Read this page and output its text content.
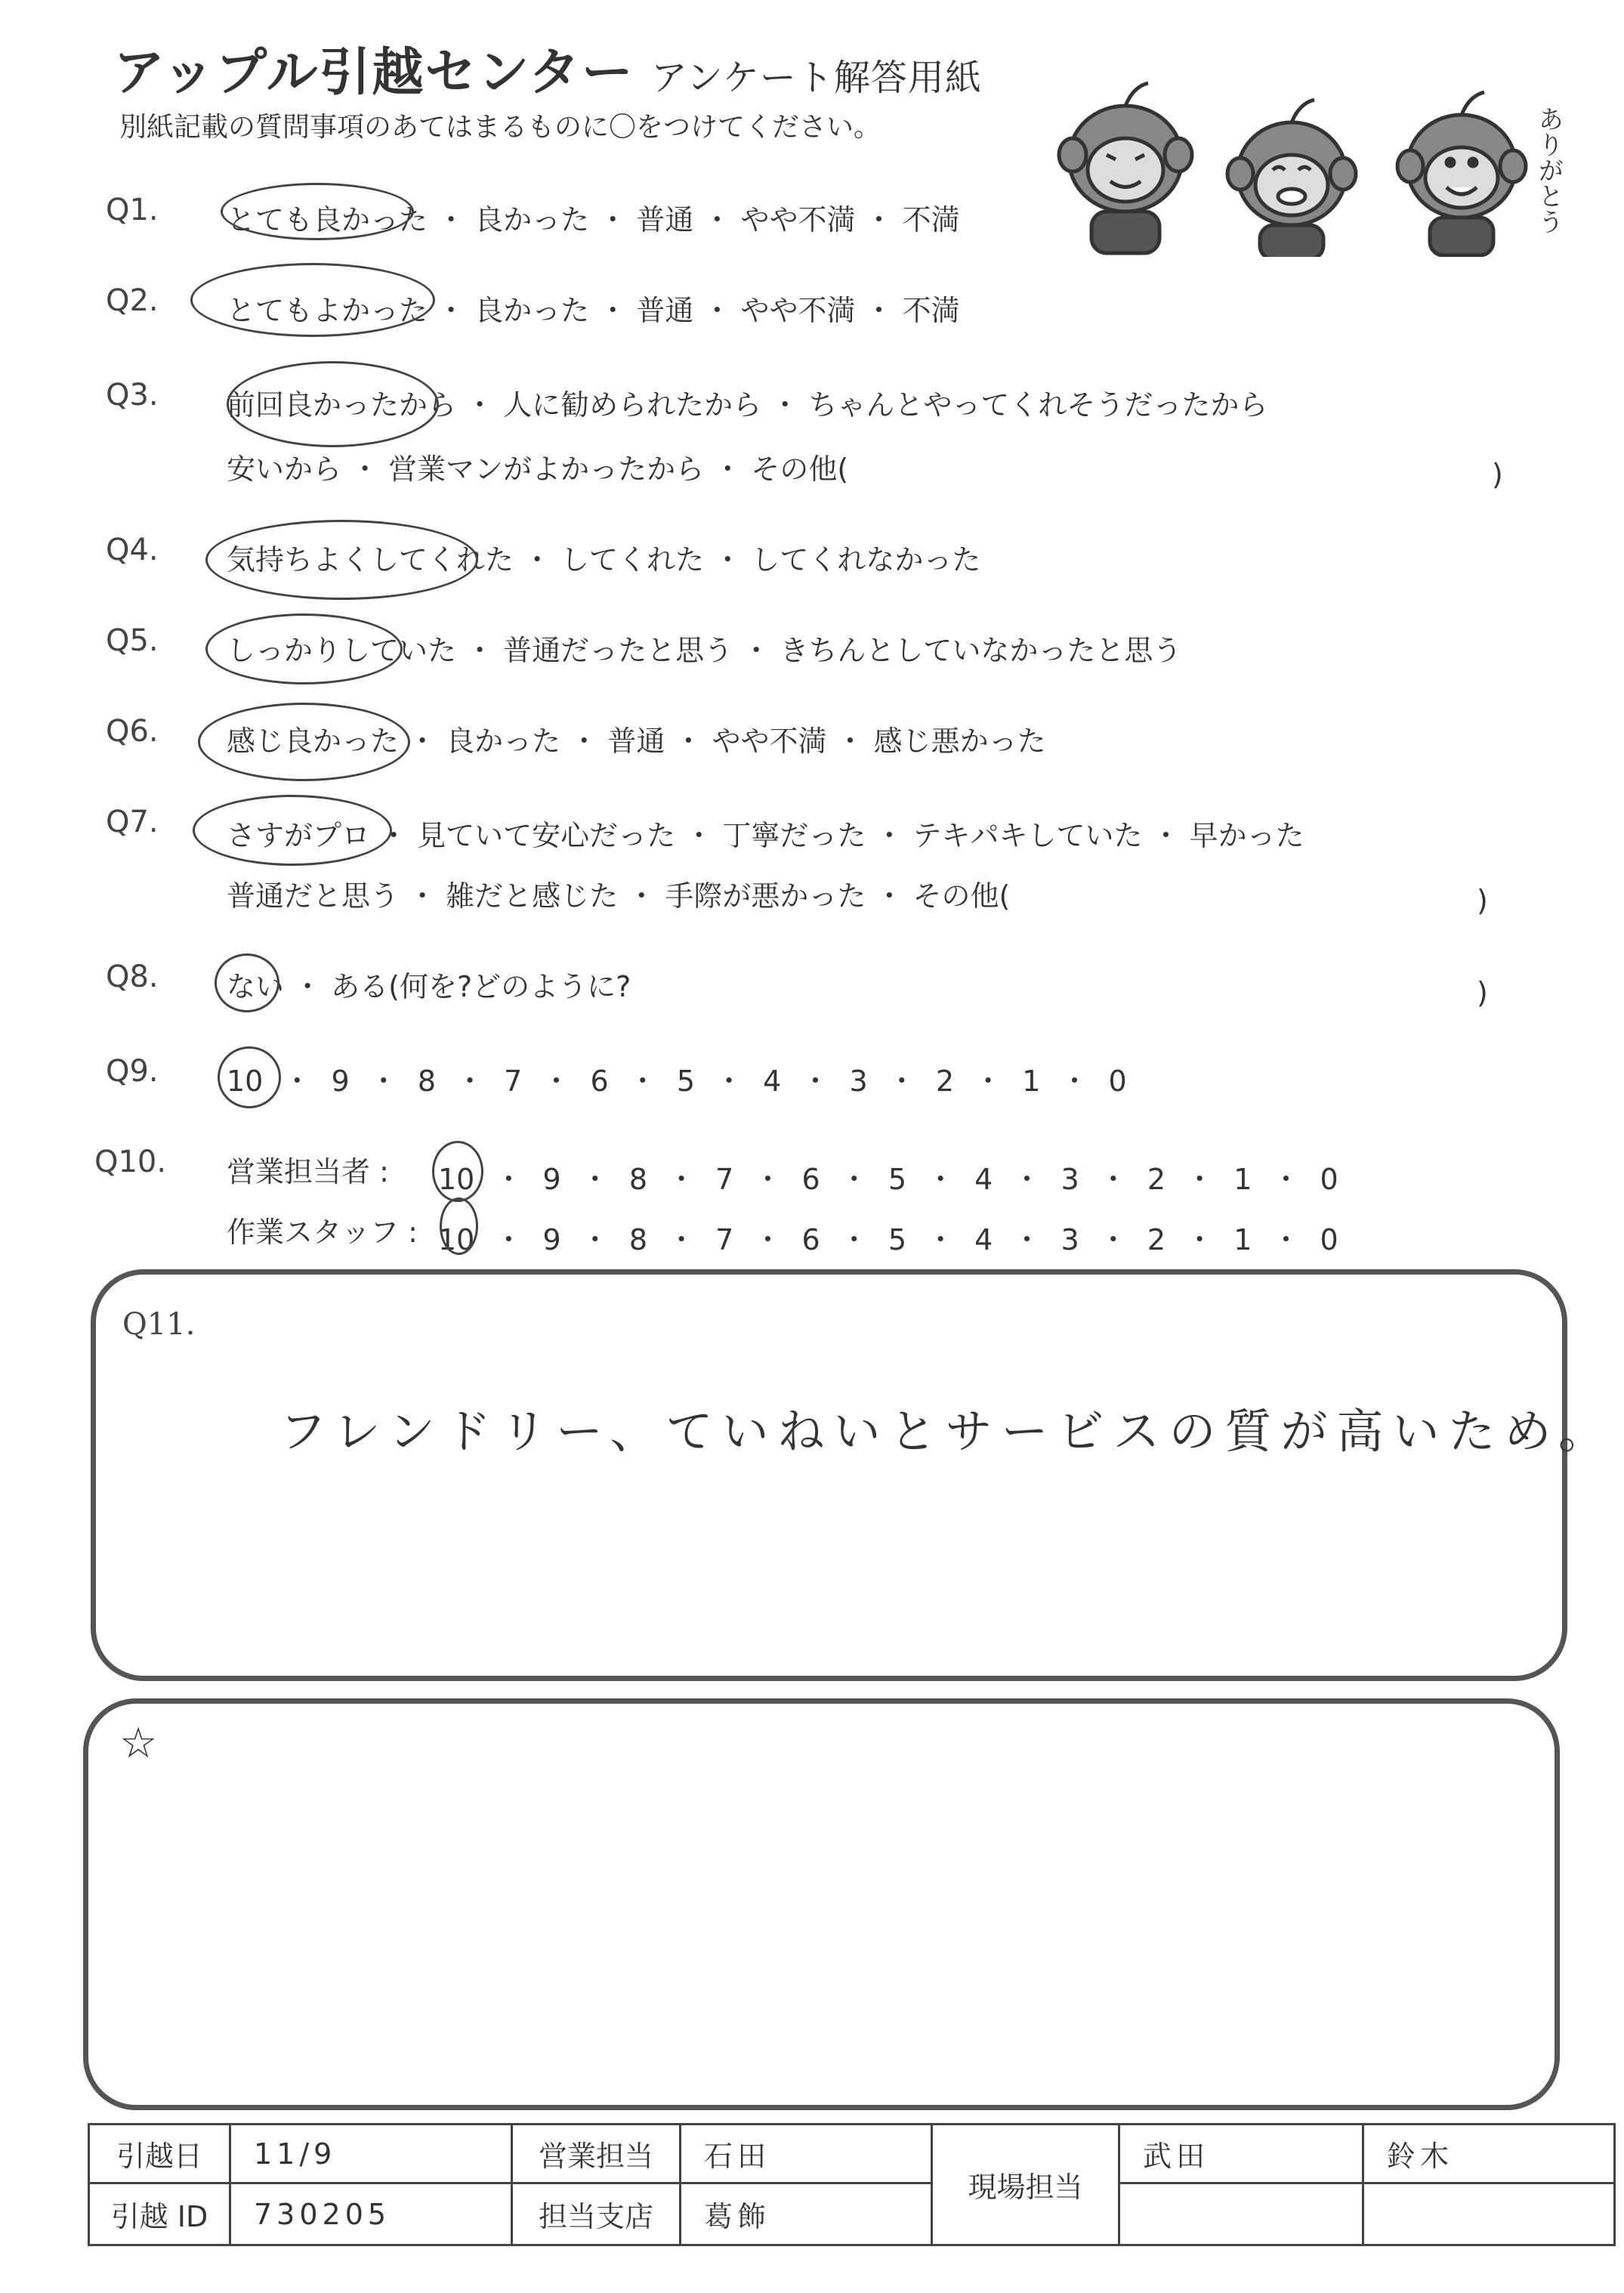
アップル引越センター アンケート解答用紙
別紙記載の質問事項のあてはまるものに〇をつけてください。	ありがとう
Q1. とても良かった ・ 良かった ・ 普通 ・ やや不満 ・ 不満
Q2. とてもよかった ・ 良かった ・ 普通 ・ やや不満 ・ 不満
Q3. 前回良かったから ・ 人に勧められたから ・ ちゃんとやってくれそうだったから
安いから ・ 営業マンがよかったから ・ その他(	)
Q4. 気持ちよくしてくれた ・ してくれた ・ してくれなかった
Q5. しっかりしていた ・ 普通だったと思う ・ きちんとしていなかったと思う
Q6. 感じ良かった ・ 良かった ・ 普通 ・ やや不満 ・ 感じ悪かった
Q7. さすがプロ ・ 見ていて安心だった ・ 丁寧だった ・ テキパキしていた ・ 早かった
普通だと思う ・ 雑だと感じた ・ 手際が悪かった ・ その他(	)
Q8. ない ・ ある(何を?どのように?	)
Q9. 10 ・ 9 ・ 8 ・ 7 ・ 6 ・ 5 ・ 4 ・ 3 ・ 2 ・ 1 ・ 0
Q10. 営業担当者 : 10 ・ 9 ・ 8 ・ 7 ・ 6 ・ 5 ・ 4 ・ 3 ・ 2 ・ 1 ・ 0
作業スタッフ : 10 ・ 9 ・ 8 ・ 7 ・ 6 ・ 5 ・ 4 ・ 3 ・ 2 ・ 1 ・ 0
Q11.
フレンドリー、ていねいとサービスの質が高いため。
☆
引越日	11/9	営業担当	石田	現場担当	武田	鈴木
引越 ID	730205	担当支店	葛飾			
